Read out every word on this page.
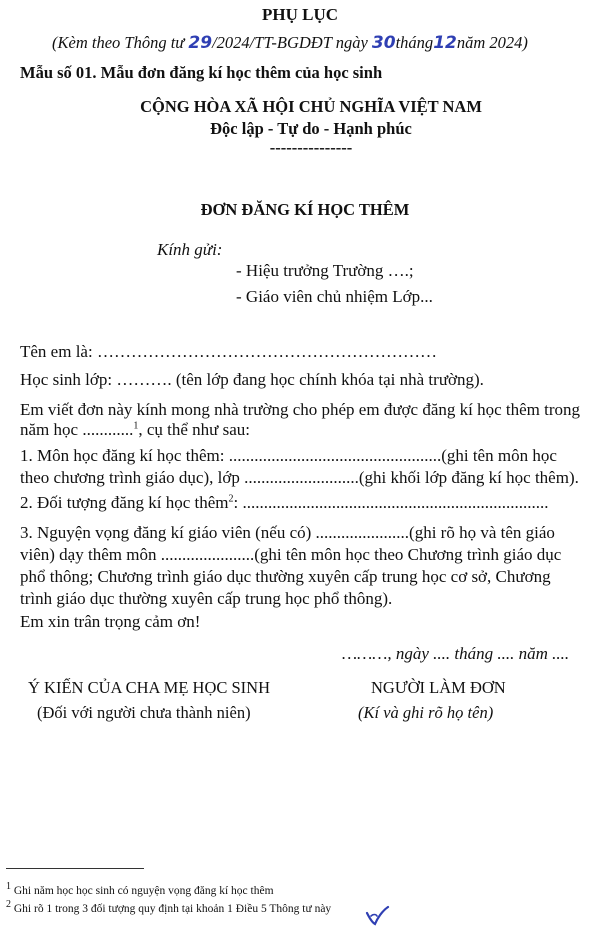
PHỤ LỤC
(Kèm theo Thông tư 29/2024/TT-BGDĐT ngày 30tháng12năm 2024)
Mẫu số 01. Mẫu đơn đăng kí học thêm của học sinh
CỘNG HÒA XÃ HỘI CHỦ NGHĨA VIỆT NAM
Độc lập - Tự do - Hạnh phúc
---------------
ĐƠN ĐĂNG KÍ HỌC THÊM
Kính gửi:
- Hiệu trưởng Trường ….;
- Giáo viên chủ nhiệm Lớp...
Tên em là: ……………………………………………………
Học sinh lớp: ………. (tên lớp đang học chính khóa tại nhà trường).
Em viết đơn này kính mong nhà trường cho phép em được đăng kí học thêm trong
năm học ............$^1$, cụ thể như sau:
1. Môn học đăng kí học thêm: ..................................................(ghi tên môn học
theo chương trình giáo dục), lớp ...........................(ghi khối lớp đăng kí học thêm).
2. Đối tượng đăng kí học thêm$^2$: ........................................................................
3. Nguyện vọng đăng kí giáo viên (nếu có) ......................(ghi rõ họ và tên giáo
viên) dạy thêm môn ......................(ghi tên môn học theo Chương trình giáo dục
phổ thông; Chương trình giáo dục thường xuyên cấp trung học cơ sở, Chương
trình giáo dục thường xuyên cấp trung học phổ thông).
Em xin trân trọng cảm ơn!
………, ngày .... tháng .... năm ....
Ý KIẾN CỦA CHA MẸ HỌC SINH
(Đối với người chưa thành niên)
NGƯỜI LÀM ĐƠN
(Kí và ghi rõ họ tên)
$^1$ Ghi năm học học sinh có nguyện vọng đăng kí học thêm
$^2$ Ghi rõ 1 trong 3 đối tượng quy định tại khoản 1 Điều 5 Thông tư này
